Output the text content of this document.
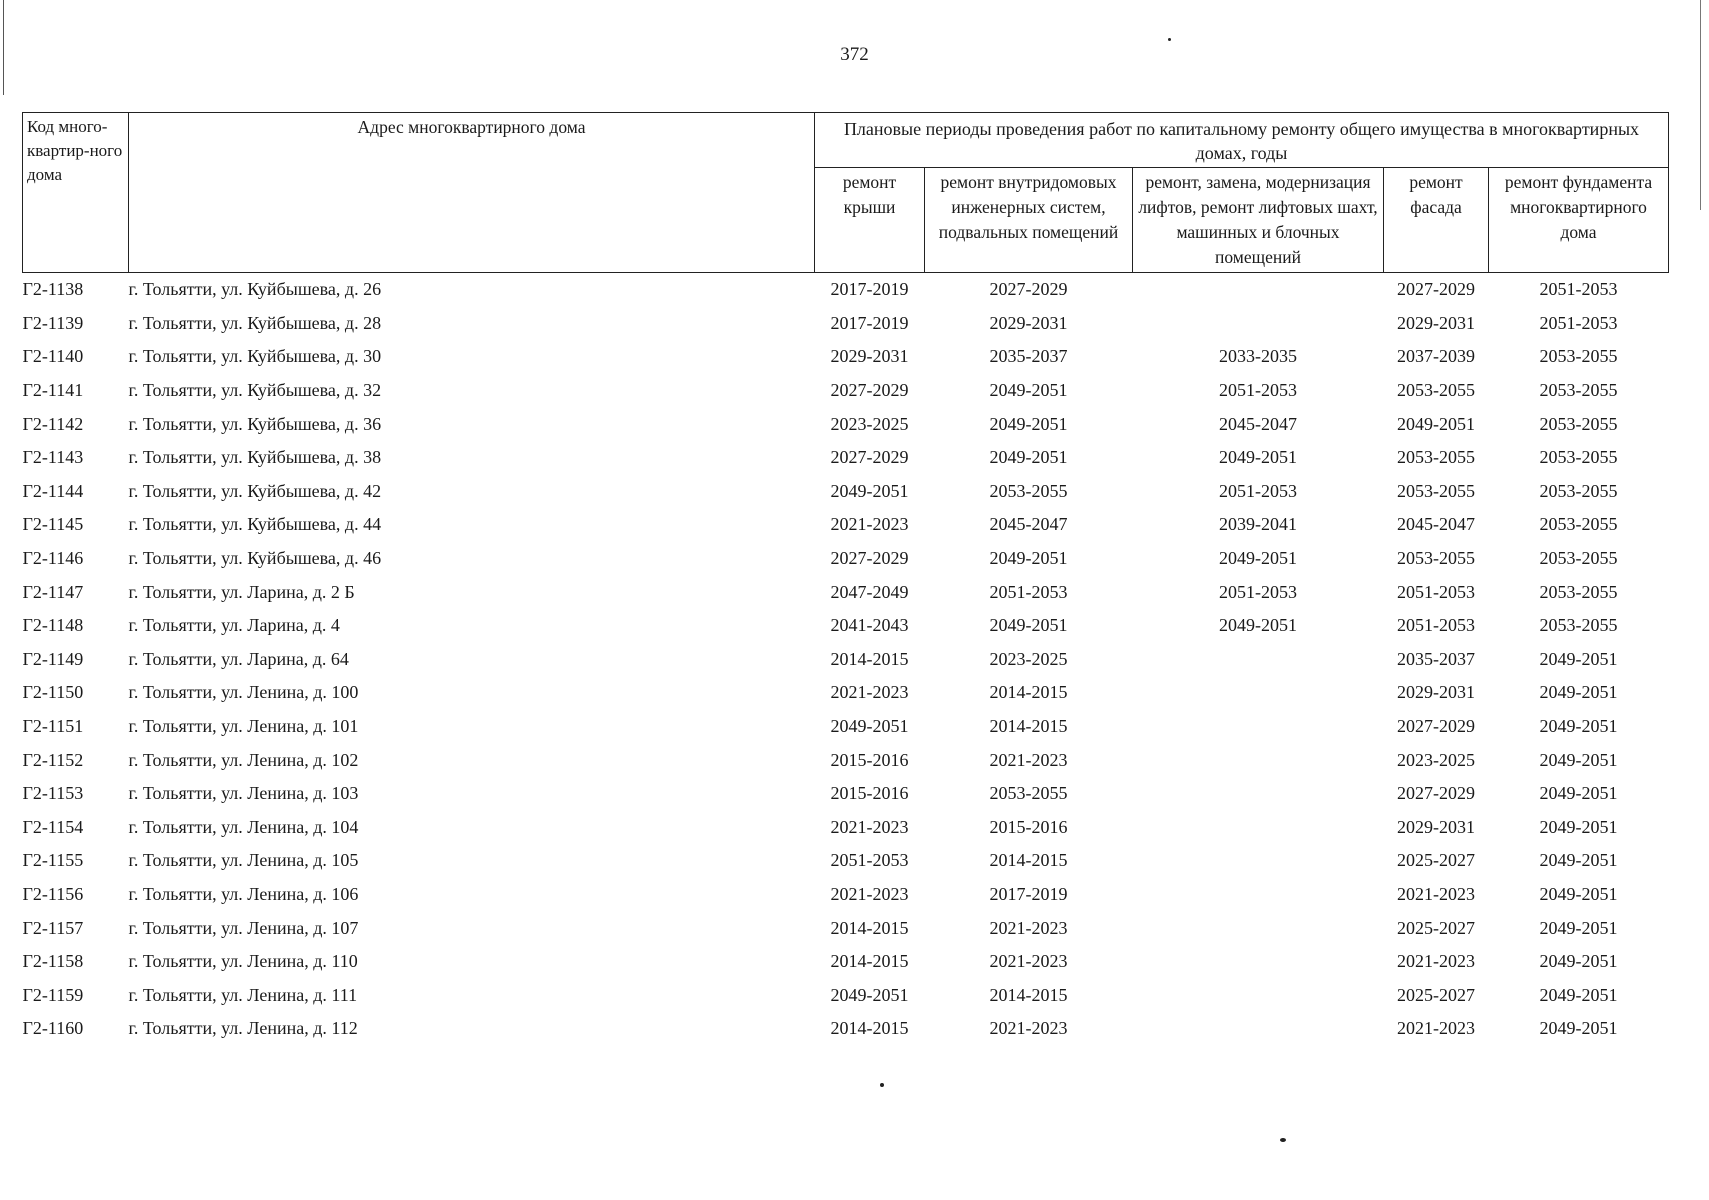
372
Код много-квартир-ного дома	Адрес многоквартирного дома	Плановые периоды проведения работ по капитальному ремонту общего имущества в многоквартирных домах, годы				
		ремонт крыши	ремонт внутридомовых инженерных систем, подвальных помещений	ремонт, замена, модернизация лифтов, ремонт лифтовых шахт, машинных и блочных помещений	ремонт фасада	ремонт фундамента многоквартирного дома
Г2-1138	г. Тольятти, ул. Куйбышева, д. 26	2017-2019	2027-2029		2027-2029	2051-2053
Г2-1139	г. Тольятти, ул. Куйбышева, д. 28	2017-2019	2029-2031		2029-2031	2051-2053
Г2-1140	г. Тольятти, ул. Куйбышева, д. 30	2029-2031	2035-2037	2033-2035	2037-2039	2053-2055
Г2-1141	г. Тольятти, ул. Куйбышева, д. 32	2027-2029	2049-2051	2051-2053	2053-2055	2053-2055
Г2-1142	г. Тольятти, ул. Куйбышева, д. 36	2023-2025	2049-2051	2045-2047	2049-2051	2053-2055
Г2-1143	г. Тольятти, ул. Куйбышева, д. 38	2027-2029	2049-2051	2049-2051	2053-2055	2053-2055
Г2-1144	г. Тольятти, ул. Куйбышева, д. 42	2049-2051	2053-2055	2051-2053	2053-2055	2053-2055
Г2-1145	г. Тольятти, ул. Куйбышева, д. 44	2021-2023	2045-2047	2039-2041	2045-2047	2053-2055
Г2-1146	г. Тольятти, ул. Куйбышева, д. 46	2027-2029	2049-2051	2049-2051	2053-2055	2053-2055
Г2-1147	г. Тольятти, ул. Ларина, д. 2 Б	2047-2049	2051-2053	2051-2053	2051-2053	2053-2055
Г2-1148	г. Тольятти, ул. Ларина, д. 4	2041-2043	2049-2051	2049-2051	2051-2053	2053-2055
Г2-1149	г. Тольятти, ул. Ларина, д. 64	2014-2015	2023-2025		2035-2037	2049-2051
Г2-1150	г. Тольятти, ул. Ленина, д. 100	2021-2023	2014-2015		2029-2031	2049-2051
Г2-1151	г. Тольятти, ул. Ленина, д. 101	2049-2051	2014-2015		2027-2029	2049-2051
Г2-1152	г. Тольятти, ул. Ленина, д. 102	2015-2016	2021-2023		2023-2025	2049-2051
Г2-1153	г. Тольятти, ул. Ленина, д. 103	2015-2016	2053-2055		2027-2029	2049-2051
Г2-1154	г. Тольятти, ул. Ленина, д. 104	2021-2023	2015-2016		2029-2031	2049-2051
Г2-1155	г. Тольятти, ул. Ленина, д. 105	2051-2053	2014-2015		2025-2027	2049-2051
Г2-1156	г. Тольятти, ул. Ленина, д. 106	2021-2023	2017-2019		2021-2023	2049-2051
Г2-1157	г. Тольятти, ул. Ленина, д. 107	2014-2015	2021-2023		2025-2027	2049-2051
Г2-1158	г. Тольятти, ул. Ленина, д. 110	2014-2015	2021-2023		2021-2023	2049-2051
Г2-1159	г. Тольятти, ул. Ленина, д. 111	2049-2051	2014-2015		2025-2027	2049-2051
Г2-1160	г. Тольятти, ул. Ленина, д. 112	2014-2015	2021-2023		2021-2023	2049-2051
